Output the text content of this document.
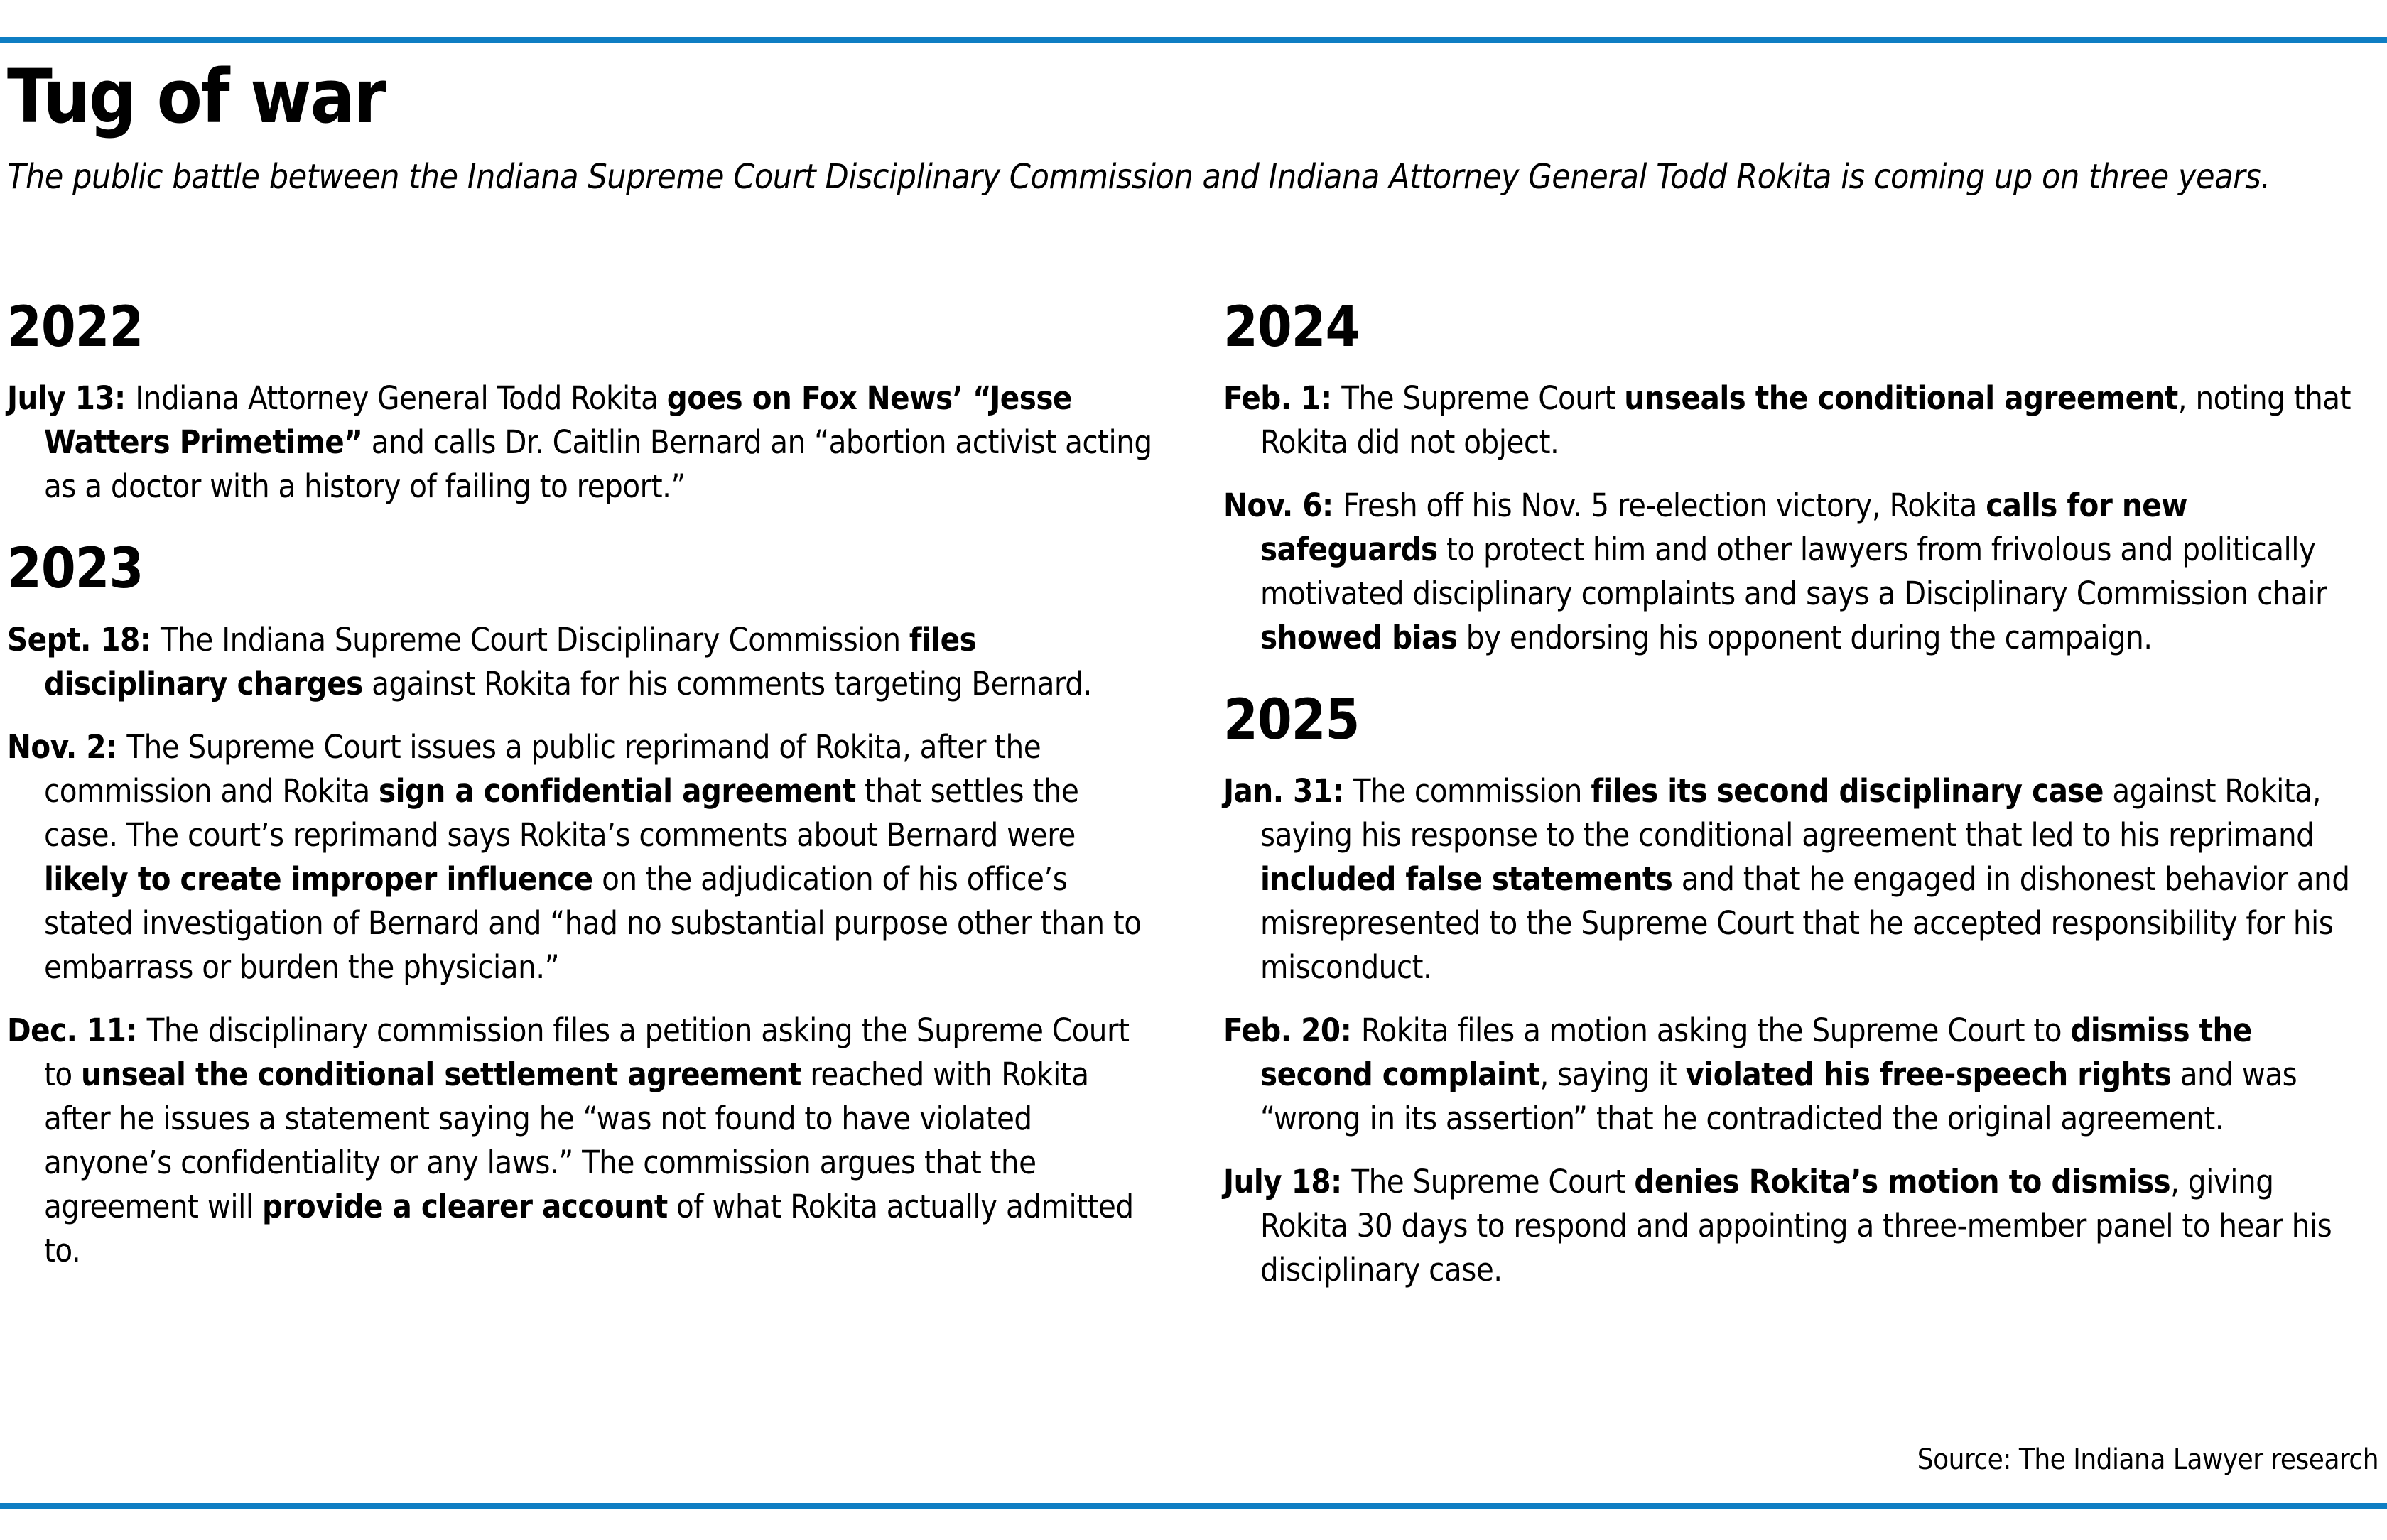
Tug of war

The public battle between the Indiana Supreme Court Disciplinary Commission and Indiana Attorney General Todd Rokita is coming up on three years.

2022

July 13: Indiana Attorney General Todd Rokita goes on Fox News’ “Jesse Watters Primetime” and calls Dr. Caitlin Bernard an “abortion activist acting as a doctor with a history of failing to report.”

2023

Sept. 18: The Indiana Supreme Court Disciplinary Commission files disciplinary charges against Rokita for his comments targeting Bernard.

Nov. 2: The Supreme Court issues a public reprimand of Rokita, after the commission and Rokita sign a confidential agreement that settles the case. The court’s reprimand says Rokita’s comments about Bernard were likely to create improper influence on the adjudication of his office’s stated investigation of Bernard and “had no substantial purpose other than to embarrass or burden the physician.”

Dec. 11: The disciplinary commission files a petition asking the Supreme Court to unseal the conditional settlement agreement reached with Rokita after he issues a statement saying he “was not found to have violated anyone’s confidentiality or any laws.” The commission argues that the agreement will provide a clearer account of what Rokita actually admitted to.

2024

Feb. 1: The Supreme Court unseals the conditional agreement, noting that Rokita did not object.

Nov. 6: Fresh off his Nov. 5 re-election victory, Rokita calls for new safeguards to protect him and other lawyers from frivolous and politically motivated disciplinary complaints and says a Disciplinary Commission chair showed bias by endorsing his opponent during the campaign.

2025

Jan. 31: The commission files its second disciplinary case against Rokita, saying his response to the conditional agreement that led to his reprimand included false statements and that he engaged in dishonest behavior and misrepresented to the Supreme Court that he accepted responsibility for his misconduct.

Feb. 20: Rokita files a motion asking the Supreme Court to dismiss the second complaint, saying it violated his free-speech rights and was “wrong in its assertion” that he contradicted the original agreement.

July 18: The Supreme Court denies Rokita’s motion to dismiss, giving Rokita 30 days to respond and appointing a three-member panel to hear his disciplinary case.

Source: The Indiana Lawyer research
